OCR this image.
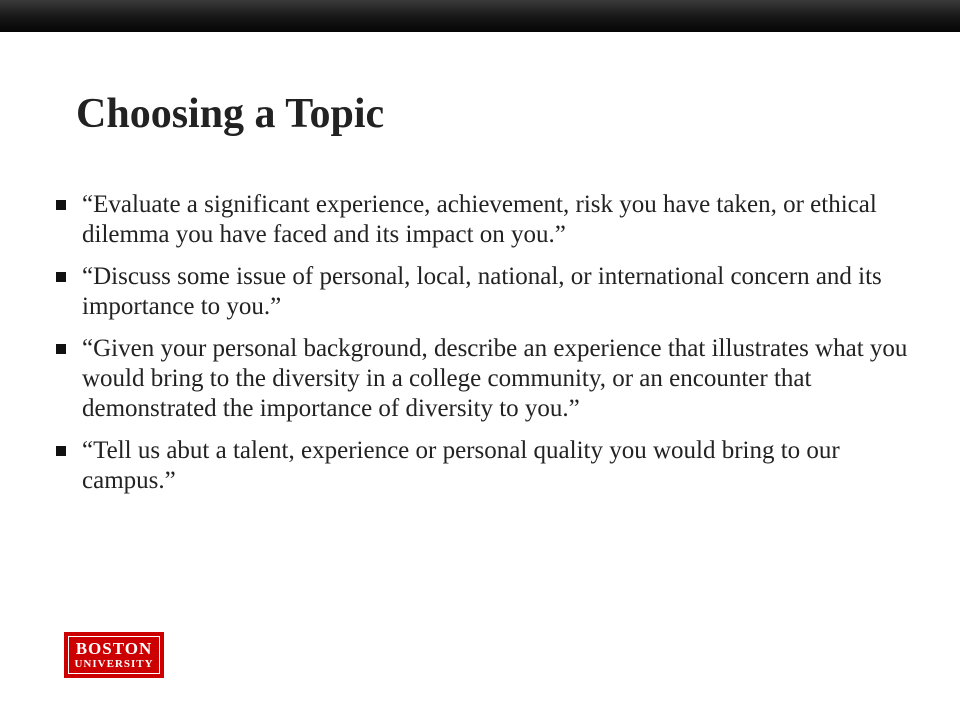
Choosing a Topic
“Evaluate a significant experience, achievement, risk you have taken, or ethical dilemma you have faced and its impact on you.”
“Discuss some issue of personal, local, national, or international concern and its importance to you.”
“Given your personal background, describe an experience that illustrates what you would bring to the diversity in a college community, or an encounter that demonstrated the importance of diversity to you.”
“Tell us abut a talent, experience or personal quality you would bring to our campus.”
BOSTON
UNIVERSITY
